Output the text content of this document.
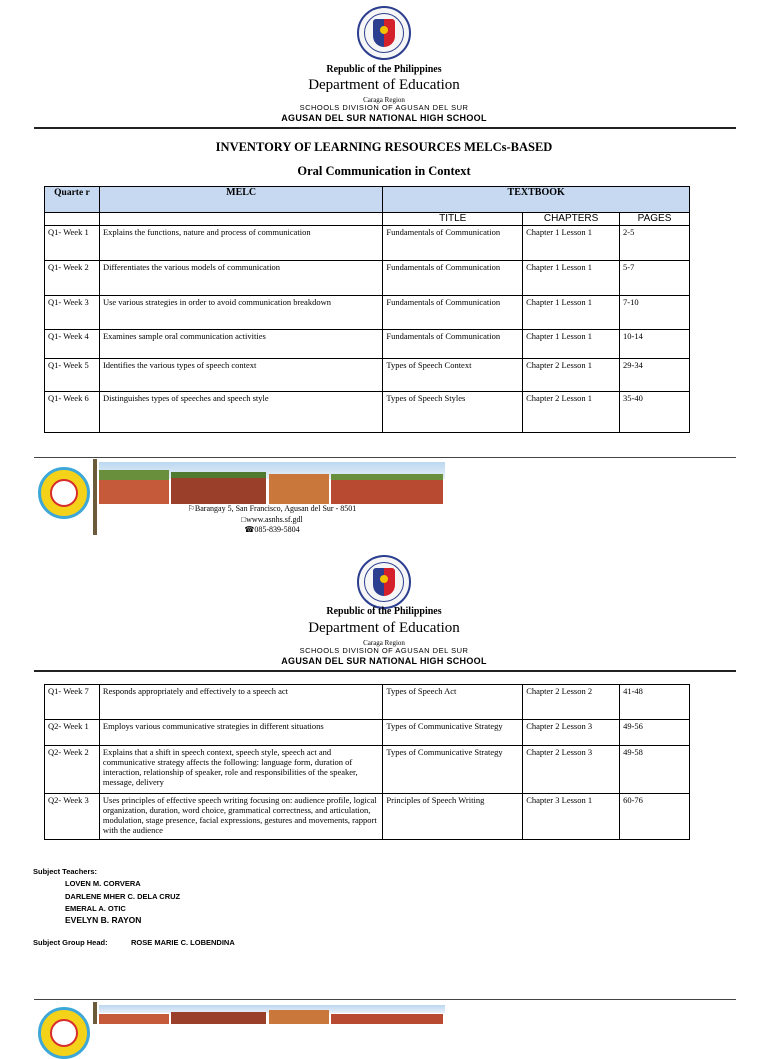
Republic of the Philippines
Department of Education
Caraga Region
SCHOOLS DIVISION OF AGUSAN DEL SUR
AGUSAN DEL SUR NATIONAL HIGH SCHOOL
INVENTORY OF LEARNING RESOURCES MELCs-BASED
Oral Communication in Context
Quarte r	MELC	TEXTBOOK		
		TITLE	CHAPTERS	PAGES
Q1- Week 1	Explains the functions, nature and process of communication	Fundamentals of Communication	Chapter 1 Lesson 1	2-5
Q1- Week 2	Differentiates the various models of communication	Fundamentals of Communication	Chapter 1 Lesson 1	5-7
Q1- Week 3	Use various strategies in order to avoid communication breakdown	Fundamentals of Communication	Chapter 1 Lesson 1	7-10
Q1- Week 4	Examines sample oral communication activities	Fundamentals of Communication	Chapter 1 Lesson 1	10-14
Q1- Week 5	Identifies the various types of speech context	Types of Speech Context	Chapter 2 Lesson 1	29-34
Q1- Week 6	Distinguishes types of speeches and speech style	Types of Speech Styles	Chapter 2 Lesson 1	35-40
⚐Barangay 5, San Francisco, Agusan del Sur - 8501
□www.asnhs.sf.gdl
☎085-839-5804
Republic of the Philippines
Department of Education
Caraga Region
SCHOOLS DIVISION OF AGUSAN DEL SUR
AGUSAN DEL SUR NATIONAL HIGH SCHOOL
Q1- Week 7	Responds appropriately and effectively to a speech act	Types of Speech Act	Chapter 2 Lesson 2	41-48
Q2- Week 1	Employs various communicative strategies in different situations	Types of Communicative Strategy	Chapter 2 Lesson 3	49-56
Q2- Week 2	Explains that a shift in speech context, speech style, speech act and communicative strategy affects the following: language form, duration of interaction, relationship of speaker, role and responsibilities of the speaker, message, delivery	Types of Communicative Strategy	Chapter 2 Lesson 3	49-58
Q2- Week 3	Uses principles of effective speech writing focusing on: audience profile, logical organization, duration, word choice, grammatical correctness, and articulation, modulation, stage presence, facial expressions, gestures and movements, rapport with the audience	Principles of Speech Writing	Chapter 3 Lesson 1	60-76
Subject Teachers:
LOVEN M. CORVERA
DARLENE MHER C. DELA CRUZ
EMERAL A. OTIC
EVELYN B. RAYON
Subject Group Head:	ROSE MARIE C. LOBENDINA
